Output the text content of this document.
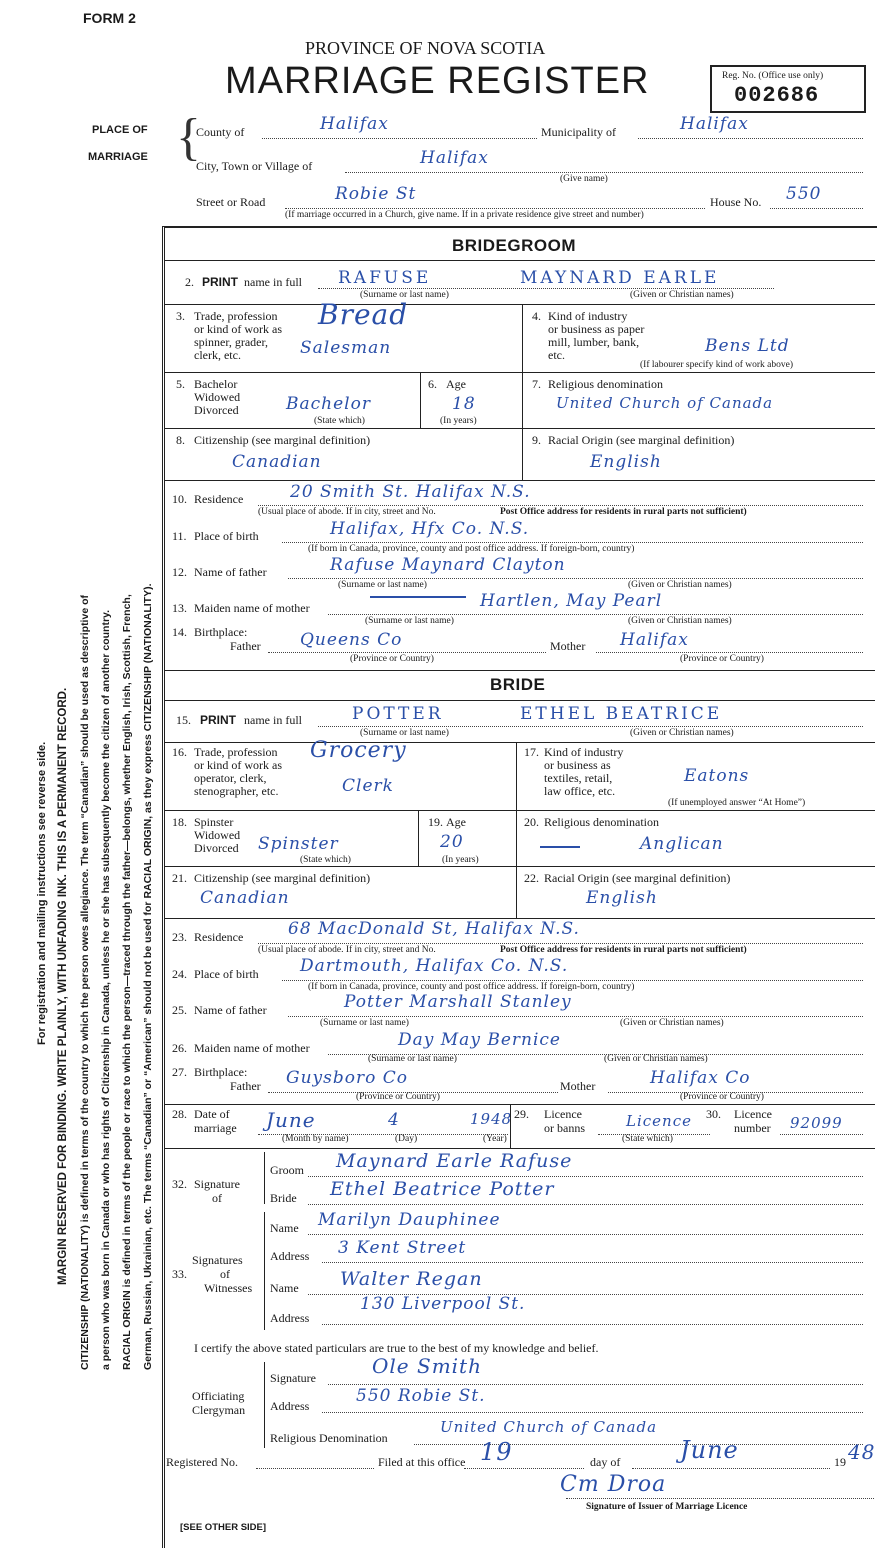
FORM 2
PROVINCE OF NOVA SCOTIA
MARRIAGE REGISTER	Reg. No. (Office use only)
002686
PLACE OF
MARRIAGE {
County of	Halifax	Municipality of	Halifax
City, Town or Village of	Halifax
(Give name)
Street or Road	Robie St	House No. 550
(If marriage occurred in a Church, give name. If in a private residence give street and number)
For registration and mailing instructions see reverse side. MARGIN RESERVED FOR BINDING. WRITE PLAINLY, WITH UNFADING INK. THIS IS A PERMANENT RECORD. CITIZENSHIP (NATIONALITY) is defined in terms of the country to which the person owes allegiance. The term “Canadian” should be used as descriptive of a person who was born in Canada or who has rights of Citizenship in Canada, unless he or she has subsequently become the citizen of another country. RACIAL ORIGIN is defined in terms of the people or race to which the person—traced through the father—belongs, whether English, Irish, Scottish, French, German, Russian, Ukrainian, etc. The terms “Canadian” or “American” should not be used for RACIAL ORIGIN, as they express CITIZENSHIP (NATIONALITY).
BRIDEGROOM
2. PRINT name in full RAFUSE	MAYNARD EARLE
(Surname or last name)	(Given or Christian names)
3. Trade, profession
or kind of work as
spinner, grader,
clerk, etc.
Bread
Salesman
4. Kind of industry
or business as paper
mill, lumber, bank,
etc.	Bens Ltd
(If labourer specify kind of work above)
5. Bachelor
Widowed
Divorced	Bachelor
(State which)
6. Age
18
(In years)
7. Religious denomination
United Church of Canada
8. Citizenship (see marginal definition)
Canadian
9. Racial Origin (see marginal definition)
English
10. Residence	20 Smith St. Halifax N.S.
(Usual place of abode. If in city, street and No.	Post Office address for residents in rural parts not sufficient)
11. Place of birth	Halifax, Hfx Co. N.S.
(If born in Canada, province, county and post office address. If foreign-born, country)
12. Name of father	Rafuse Maynard Clayton
(Surname or last name)	(Given or Christian names)
13. Maiden name of mother	Hartlen, May Pearl
(Surname or last name)	(Given or Christian names)
14. Birthplace:
Father Queens Co
(Province or Country)
Mother Halifax
(Province or Country)
BRIDE
15. PRINT name in full	POTTER	ETHEL BEATRICE
(Surname or last name)	(Given or Christian names)
16. Trade, profession
or kind of work as
operator, clerk,
stenographer, etc.
Grocery
Clerk
17. Kind of industry
or business as
textiles, retail,
law office, etc.
Eatons
(If unemployed answer “At Home”)
18. Spinster
Widowed
Divorced Spinster
(State which)
19. Age
20
(In years)
20. Religious denomination
Anglican
21. Citizenship (see marginal definition)
Canadian
22. Racial Origin (see marginal definition)
English
23. Residence	68 MacDonald St, Halifax N.S.
(Usual place of abode. If in city, street and No.	Post Office address for residents in rural parts not sufficient)
24. Place of birth Dartmouth, Halifax Co. N.S.
(If born in Canada, province, county and post office address. If foreign-born, country)
25. Name of father	Potter Marshall Stanley
(Surname or last name)	(Given or Christian names)
26. Maiden name of mother	Day May Bernice
(Surname or last name)	(Given or Christian names)
27. Birthplace:
Father Guysboro Co
(Province or Country)
Mother	Halifax Co
(Province or Country)
28. Date of
marriage June	4	1948
(Month by name)	(Day)	(Year)
29. Licence
or banns	Licence
(State which)
30. Licence
number 92099
32. Signature
of
Groom Maynard Earle Rafuse
Bride Ethel Beatrice Potter
33.
Signatures
of
Witnesses
Name Marilyn Dauphinee
Address 3 Kent Street
Name Walter Regan
Address
130 Liverpool St.
I certify the above stated particulars are true to the best of my knowledge and belief.
Officiating
Clergyman
Signature	Ole Smith
Address	550 Robie St.
Religious Denomination
United Church of Canada
Registered No.	Filed at this office 19	day of June	19 48
Cm Droa
Signature of Issuer of Marriage Licence
[SEE OTHER SIDE]
